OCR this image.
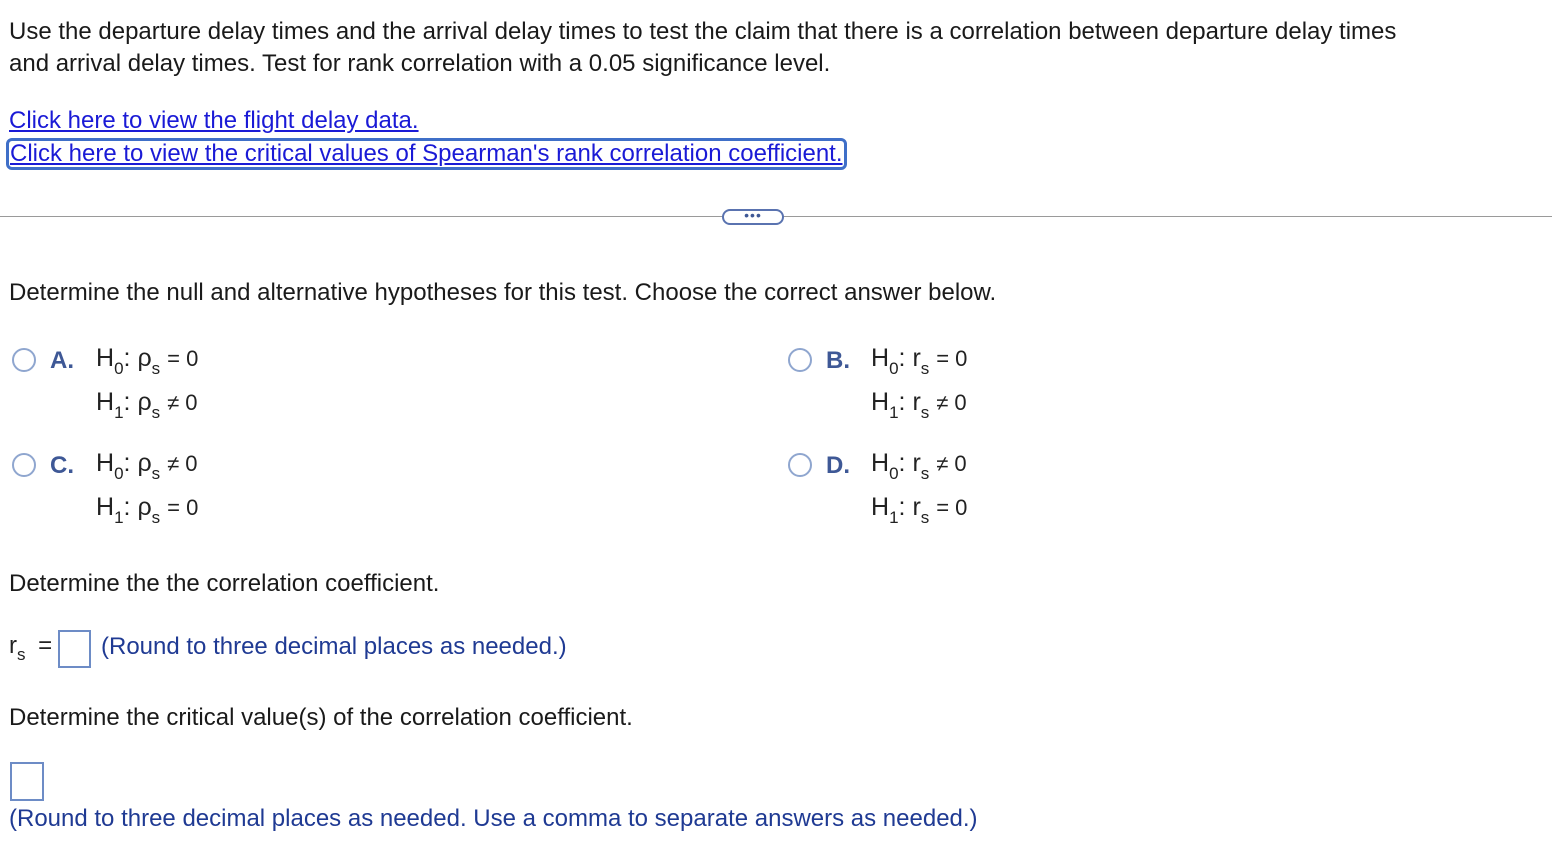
Use the departure delay times and the arrival delay times to test the claim that there is a correlation between departure delay times
and arrival delay times. Test for rank correlation with a 0.05 significance level.
Click here to view the flight delay data.
Click here to view the critical values of Spearman's rank correlation coefficient.
•••
Determine the null and alternative hypotheses for this test. Choose the correct answer below.
A. $H_0$: $\rho_s = 0$
$H_1$: $\rho_s \ne 0$
B. $H_0$: $r_s = 0$
$H_1$: $r_s \ne 0$
C. $H_0$: $\rho_s \ne 0$
$H_1$: $\rho_s = 0$
D. $H_0$: $r_s \ne 0$
$H_1$: $r_s = 0$
Determine the the correlation coefficient.
$r_s$ = (Round to three decimal places as needed.)
Determine the critical value(s) of the correlation coefficient.
(Round to three decimal places as needed. Use a comma to separate answers as needed.)
